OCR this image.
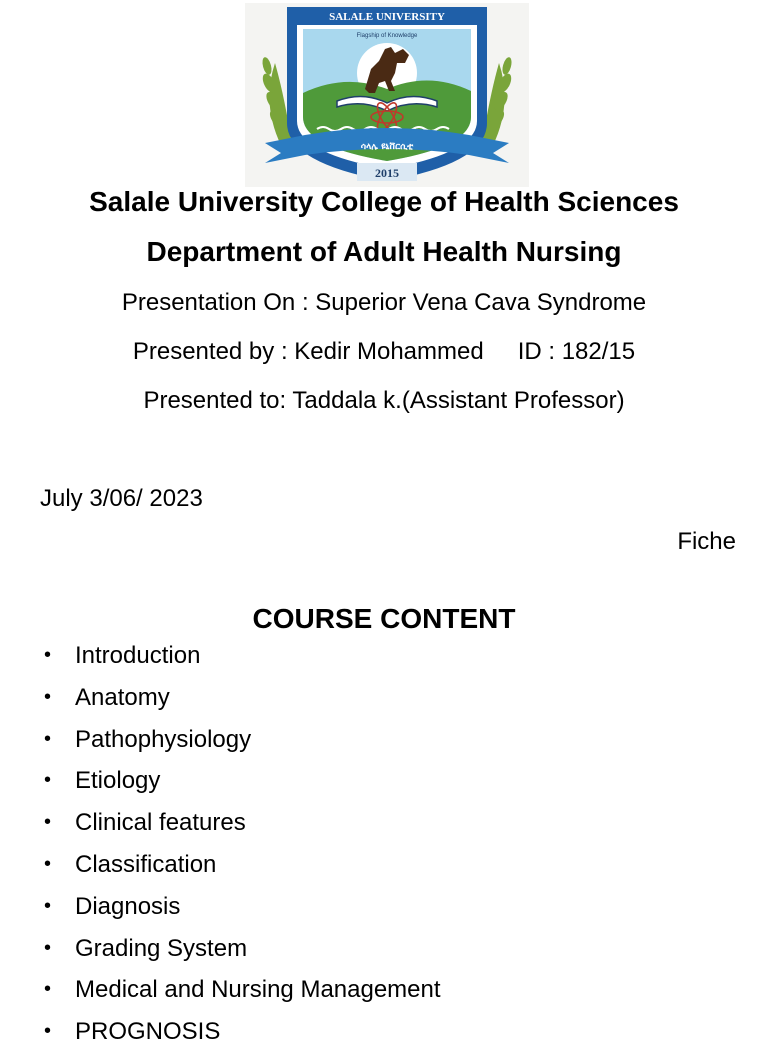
SALALE UNIVERSITY
Flagship of Knowledge
ሳላሌ ዩኒቨርሲቲ
2015
Salale University College of Health Sciences
Department of Adult Health Nursing
Presentation On : Superior Vena Cava Syndrome
Presented by : Kedir Mohammed ID : 182/15
Presented to: Taddala k.(Assistant Professor)
July 3/06/ 2023
Fiche
COURSE CONTENT
• Introduction
• Anatomy
• Pathophysiology
• Etiology
• Clinical features
• Classification
• Diagnosis
• Grading System
• Medical and Nursing Management
• PROGNOSIS
